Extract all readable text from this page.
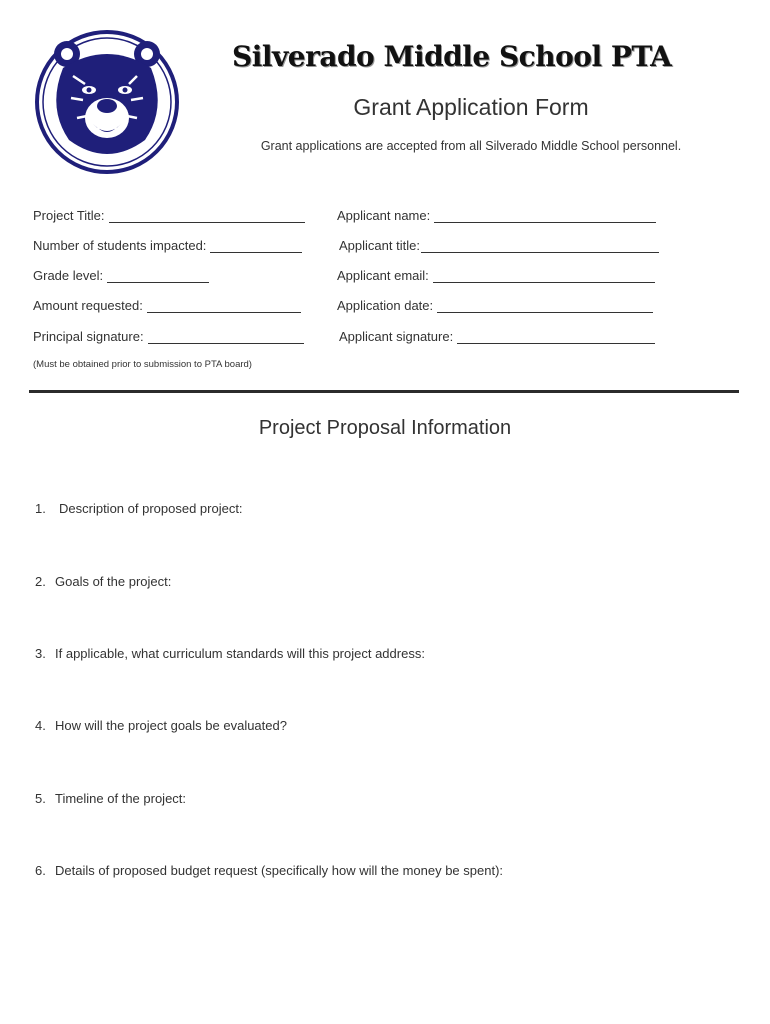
Silverado Middle School PTA
Grant Application Form
Grant applications are accepted from all Silverado Middle School personnel.
Project Title:
Number of students impacted:
Grade level:
Amount requested:
Principal signature:
Applicant name:
Applicant title:
Applicant email:
Application date:
Applicant signature:
(Must be obtained prior to submission to PTA board)
Project Proposal Information
1. Description of proposed project:
2. Goals of the project:
3. If applicable, what curriculum standards will this project address:
4. How will the project goals be evaluated?
5. Timeline of the project:
6. Details of proposed budget request (specifically how will the money be spent):
